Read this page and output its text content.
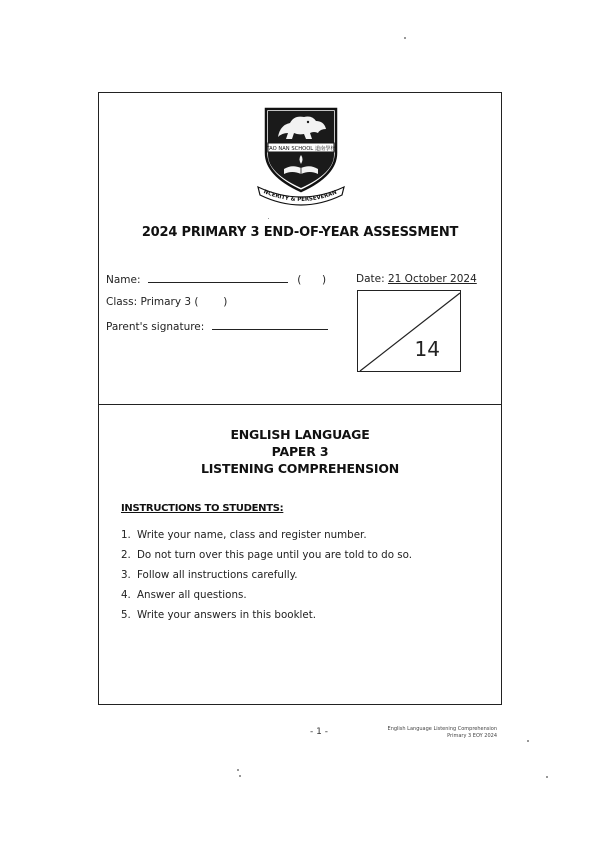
TAO NAN SCHOOL 道南學校
NCERITY & PERSEVERAN
2024 PRIMARY 3 END-OF-YEAR ASSESSMENT
Name:	( )	Date: 21 October 2024
Class: Primary 3 ( )
Parent's signature:
14
ENGLISH LANGUAGE
PAPER 3
LISTENING COMPREHENSION
INSTRUCTIONS TO STUDENTS:
1. Write your name, class and register number.
2. Do not turn over this page until you are told to do so.
3. Follow all instructions carefully.
4. Answer all questions.
5. Write your answers in this booklet.
- 1 -	English Language Listening Comprehension
Primary 3 EOY 2024
